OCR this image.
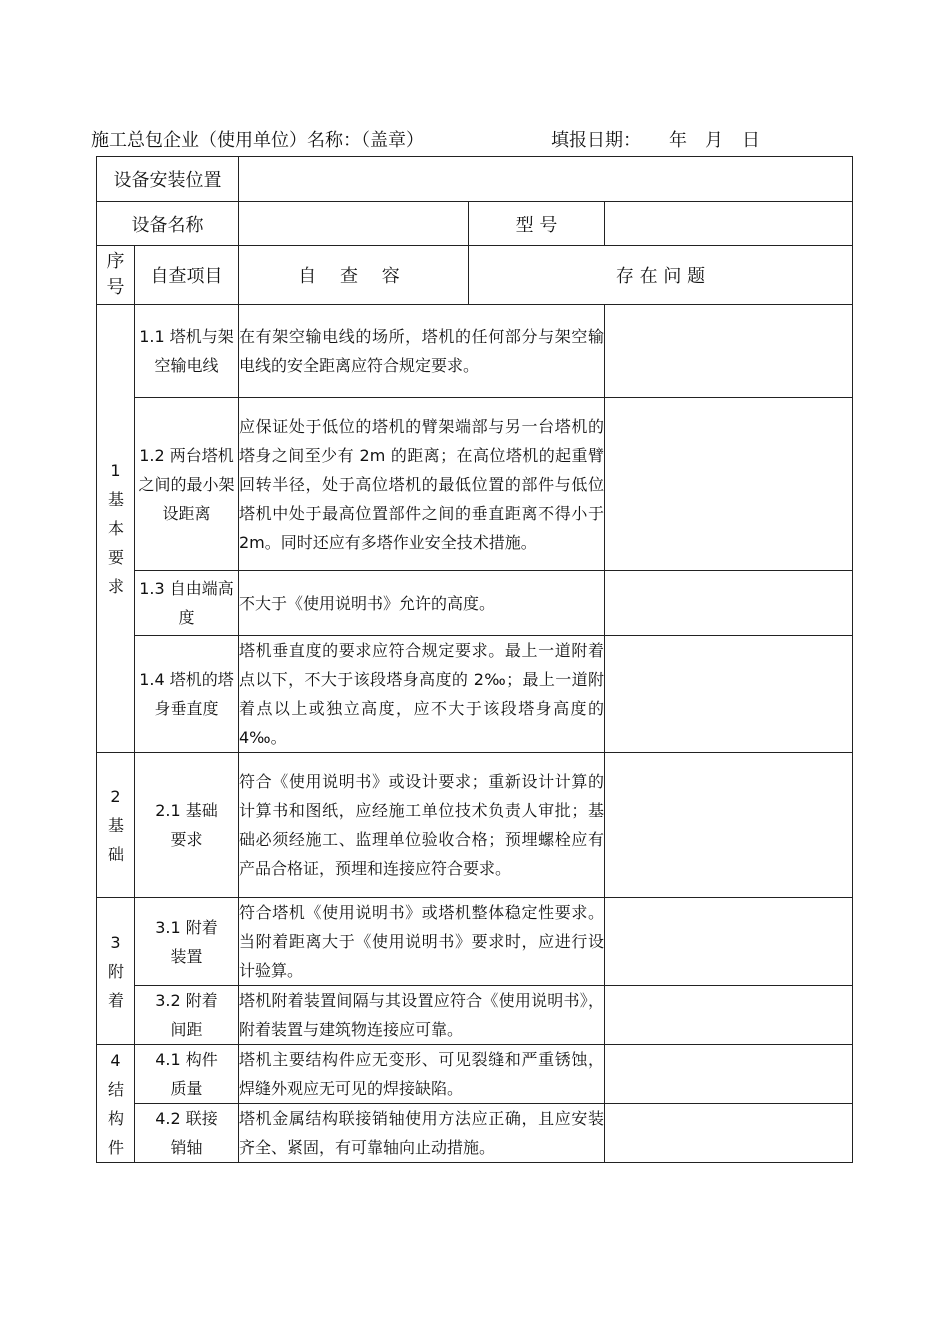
施工总包企业（使用单位）名称：（盖章）	填报日期： 年 月 日
设备安装位置				
设备名称			型 号	
序号	自查项目	自 查 容	存 在 问 题	
1基本要求	1.1 塔机与架空输电线	在有架空输电线的场所，塔机的任何部分与架空输电线的安全距离应符合规定要求。		
	1.2 两台塔机之间的最小架设距离	应保证处于低位的塔机的臂架端部与另一台塔机的塔身之间至少有 2m 的距离；在高位塔机的起重臂回转半径，处于高位塔机的最低位置的部件与低位塔机中处于最高位置部件之间的垂直距离不得小于 2m。同时还应有多塔作业安全技术措施。		
	1.3 自由端高度	不大于《使用说明书》允许的高度。		
	1.4 塔机的塔身垂直度	塔机垂直度的要求应符合规定要求。最上一道附着点以下，不大于该段塔身高度的 2‰；最上一道附着点以上或独立高度，应不大于该段塔身高度的 4‰。		
2基础	2.1 基础要求	符合《使用说明书》或设计要求；重新设计计算的计算书和图纸，应经施工单位技术负责人审批；基础必须经施工、监理单位验收合格；预埋螺栓应有产品合格证，预埋和连接应符合要求。		
3附着	3.1 附着装置	符合塔机《使用说明书》或塔机整体稳定性要求。当附着距离大于《使用说明书》要求时，应进行设计验算。		
	3.2 附着间距	塔机附着装置间隔与其设置应符合《使用说明书》，附着装置与建筑物连接应可靠。		
4结构件	4.1 构件质量	塔机主要结构件应无变形、可见裂缝和严重锈蚀，焊缝外观应无可见的焊接缺陷。		
	4.2 联接销轴	塔机金属结构联接销轴使用方法应正确，且应安装齐全、紧固，有可靠轴向止动措施。		
